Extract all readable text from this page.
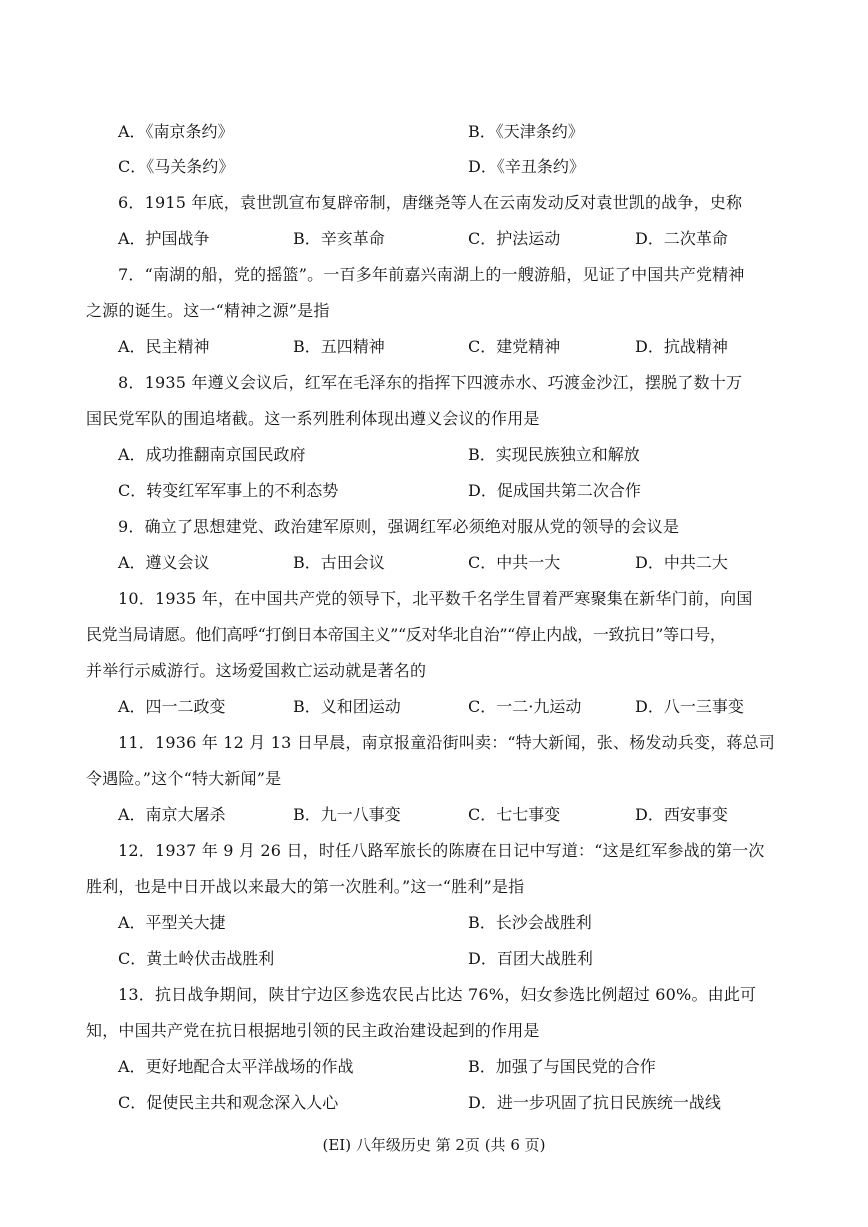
A．《南京条约》	B．《天津条约》
C．《马关条约》	D．《辛丑条约》
6．1915 年底，袁世凯宣布复辟帝制，唐继尧等人在云南发动反对袁世凯的战争，史称
A．护国战争	B．辛亥革命	C．护法运动	D．二次革命
7．“南湖的船，党的摇篮”。一百多年前嘉兴南湖上的一艘游船，见证了中国共产党精神
之源的诞生。这一“精神之源”是指
A．民主精神	B．五四精神	C．建党精神	D．抗战精神
8．1935 年遵义会议后，红军在毛泽东的指挥下四渡赤水、巧渡金沙江，摆脱了数十万
国民党军队的围追堵截。这一系列胜利体现出遵义会议的作用是
A．成功推翻南京国民政府	B．实现民族独立和解放
C．转变红军军事上的不利态势	D．促成国共第二次合作
9．确立了思想建党、政治建军原则，强调红军必须绝对服从党的领导的会议是
A．遵义会议	B．古田会议	C．中共一大	D．中共二大
10．1935 年，在中国共产党的领导下，北平数千名学生冒着严寒聚集在新华门前，向国
民党当局请愿。他们高呼“打倒日本帝国主义”“反对华北自治”“停止内战，一致抗日”等口号，
并举行示威游行。这场爱国救亡运动就是著名的
A．四一二政变	B．义和团运动	C．一二·九运动	D．八一三事变
11．1936 年 12 月 13 日早晨，南京报童沿街叫卖：“特大新闻，张、杨发动兵变，蒋总司
令遇险。”这个“特大新闻”是
A．南京大屠杀	B．九一八事变	C．七七事变	D．西安事变
12．1937 年 9 月 26 日，时任八路军旅长的陈赓在日记中写道：“这是红军参战的第一次
胜利，也是中日开战以来最大的第一次胜利。”这一“胜利”是指
A．平型关大捷	B．长沙会战胜利
C．黄土岭伏击战胜利	D．百团大战胜利
13．抗日战争期间，陕甘宁边区参选农民占比达 76%，妇女参选比例超过 60%。由此可
知，中国共产党在抗日根据地引领的民主政治建设起到的作用是
A．更好地配合太平洋战场的作战	B．加强了与国民党的合作
C．促使民主共和观念深入人心	D．进一步巩固了抗日民族统一战线
(EI) 八年级历史 第 2页 (共 6 页)
